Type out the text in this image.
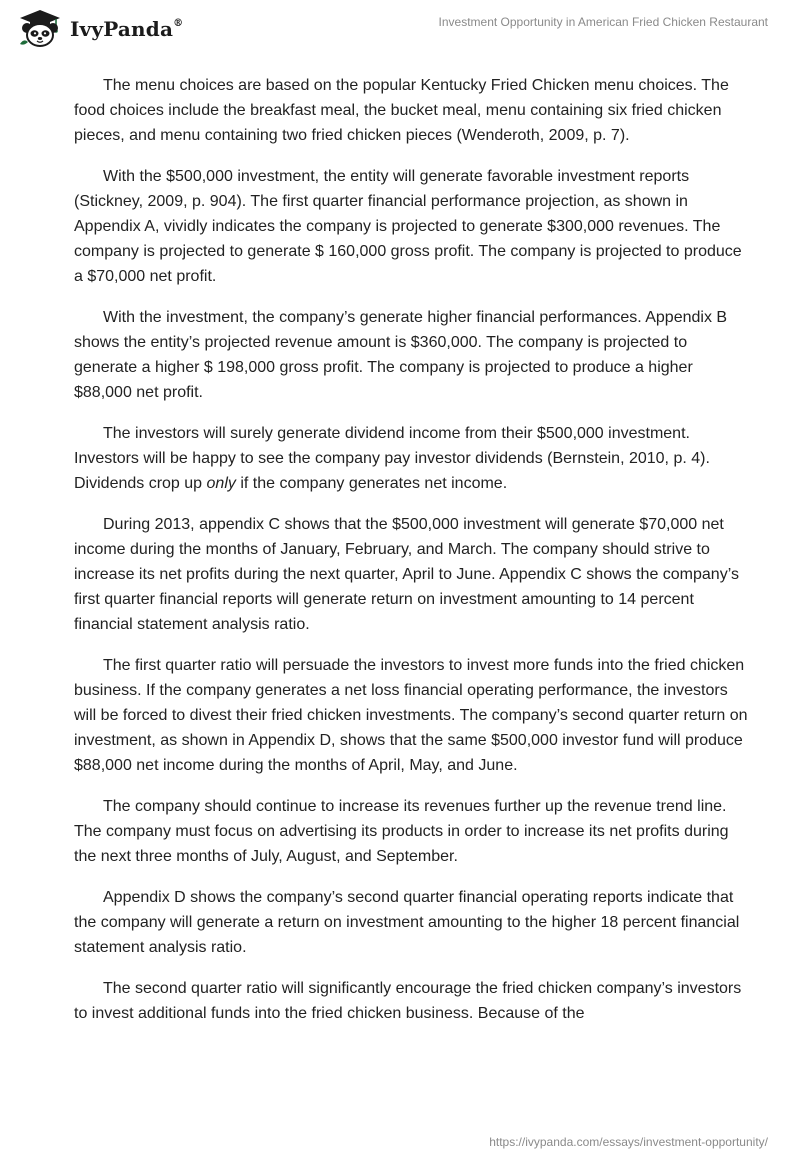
IvyPanda®	Investment Opportunity in American Fried Chicken Restaurant

The menu choices are based on the popular Kentucky Fried Chicken menu choices. The food choices include the breakfast meal, the bucket meal, menu containing six fried chicken pieces, and menu containing two fried chicken pieces (Wenderoth, 2009, p. 7).

With the $500,000 investment, the entity will generate favorable investment reports (Stickney, 2009, p. 904). The first quarter financial performance projection, as shown in Appendix A, vividly indicates the company is projected to generate $300,000 revenues. The company is projected to generate $ 160,000 gross profit. The company is projected to produce a $70,000 net profit.

With the investment, the company’s generate higher financial performances. Appendix B shows the entity’s projected revenue amount is $360,000. The company is projected to generate a higher $ 198,000 gross profit. The company is projected to produce a higher $88,000 net profit.

The investors will surely generate dividend income from their $500,000 investment. Investors will be happy to see the company pay investor dividends (Bernstein, 2010, p. 4). Dividends crop up only if the company generates net income.

During 2013, appendix C shows that the $500,000 investment will generate $70,000 net income during the months of January, February, and March. The company should strive to increase its net profits during the next quarter, April to June. Appendix C shows the company’s first quarter financial reports will generate return on investment amounting to 14 percent financial statement analysis ratio.

The first quarter ratio will persuade the investors to invest more funds into the fried chicken business. If the company generates a net loss financial operating performance, the investors will be forced to divest their fried chicken investments. The company’s second quarter return on investment, as shown in Appendix D, shows that the same $500,000 investor fund will produce $88,000 net income during the months of April, May, and June.

The company should continue to increase its revenues further up the revenue trend line. The company must focus on advertising its products in order to increase its net profits during the next three months of July, August, and September.

Appendix D shows the company’s second quarter financial operating reports indicate that the company will generate a return on investment amounting to the higher 18 percent financial statement analysis ratio.

The second quarter ratio will significantly encourage the fried chicken company’s investors to invest additional funds into the fried chicken business. Because of the

https://ivypanda.com/essays/investment-opportunity/
